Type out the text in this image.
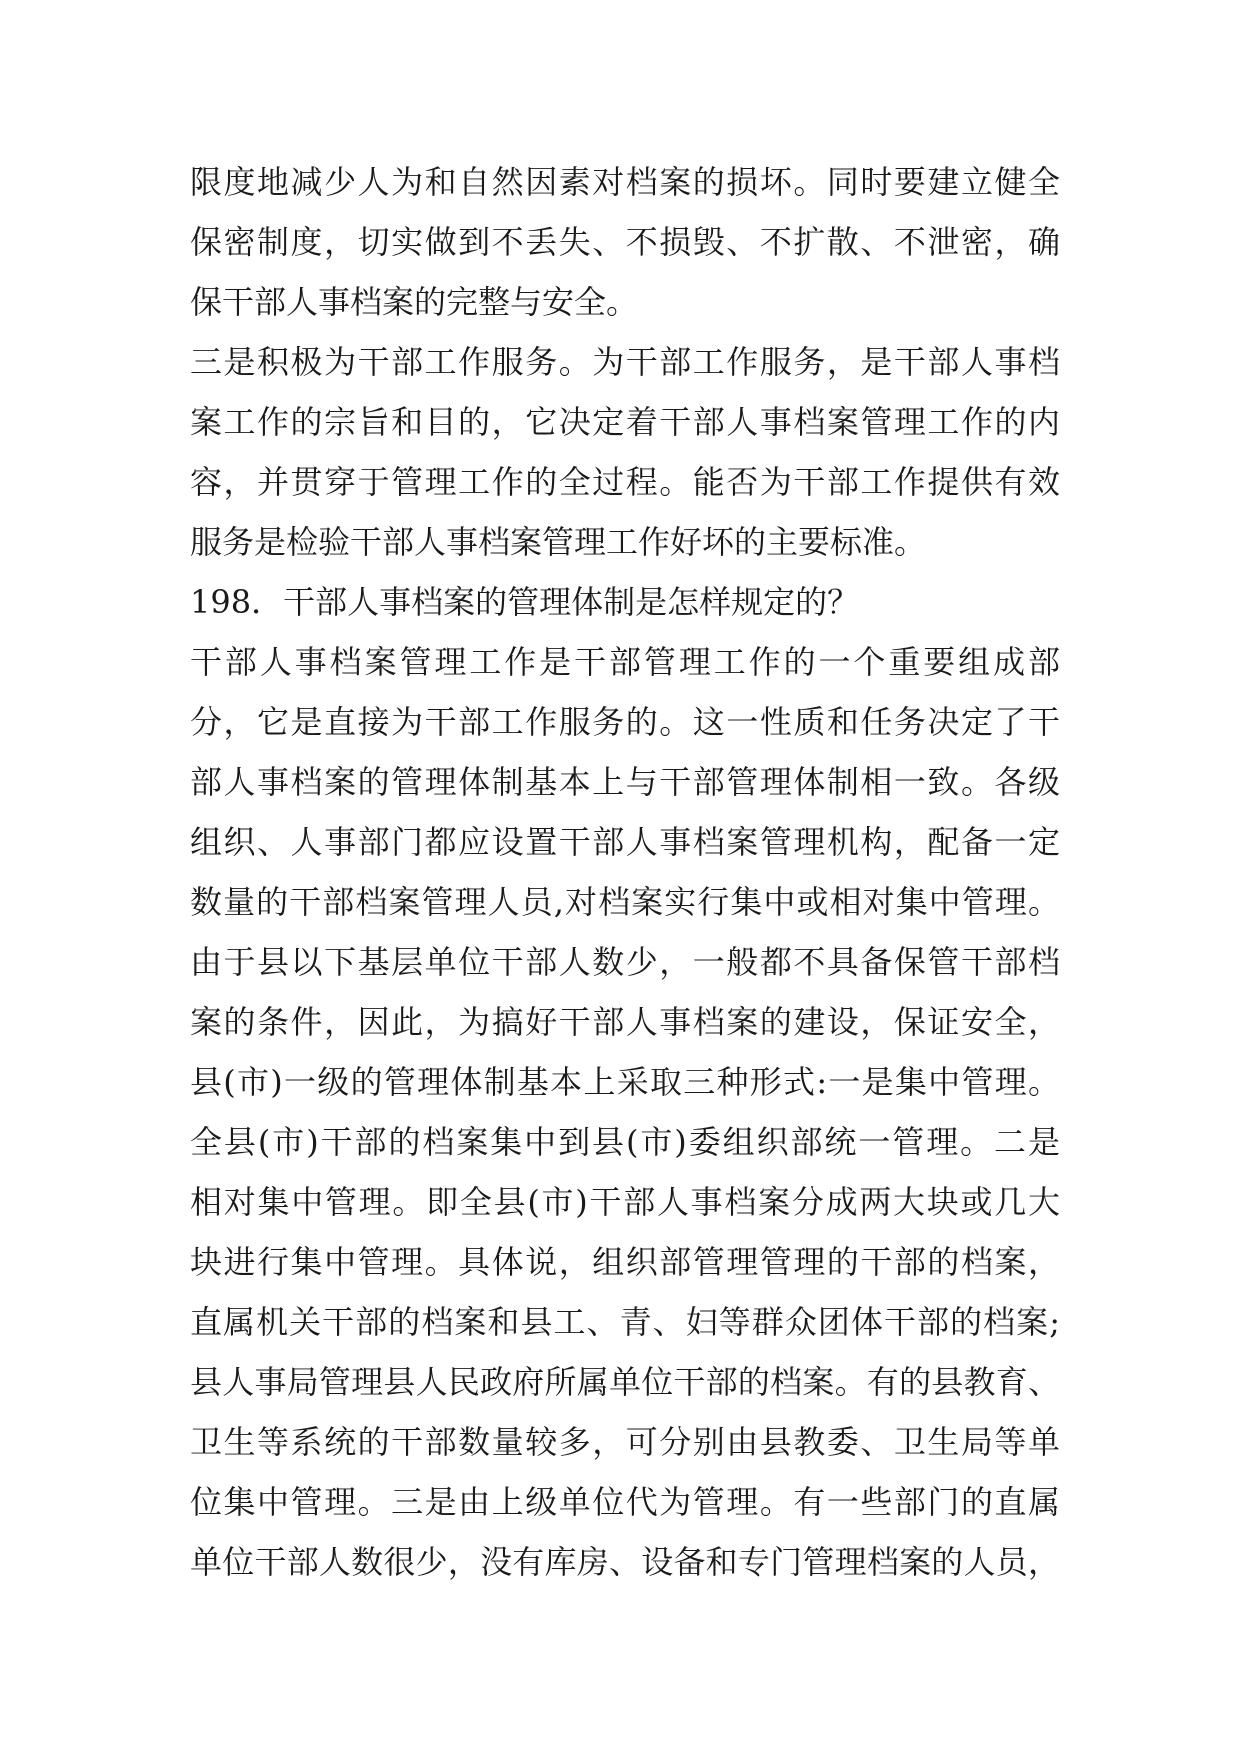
限度地减少人为和自然因素对档案的损坏。同时要建立健全
保密制度，切实做到不丢失、不损毁、不扩散、不泄密，确
保干部人事档案的完整与安全。
三是积极为干部工作服务。为干部工作服务，是干部人事档
案工作的宗旨和目的，它决定着干部人事档案管理工作的内
容，并贯穿于管理工作的全过程。能否为干部工作提供有效
服务是检验干部人事档案管理工作好坏的主要标准。
198．干部人事档案的管理体制是怎样规定的？
干部人事档案管理工作是干部管理工作的一个重要组成部
分，它是直接为干部工作服务的。这一性质和任务决定了干
部人事档案的管理体制基本上与干部管理体制相一致。各级
组织、人事部门都应设置干部人事档案管理机构，配备一定
数量的干部档案管理人员,对档案实行集中或相对集中管理。
由于县以下基层单位干部人数少，一般都不具备保管干部档
案的条件，因此，为搞好干部人事档案的建设，保证安全，
县(市)一级的管理体制基本上采取三种形式:一是集中管理。
全县(市)干部的档案集中到县(市)委组织部统一管理。二是
相对集中管理。即全县(市)干部人事档案分成两大块或几大
块进行集中管理。具体说，组织部管理管理的干部的档案，
直属机关干部的档案和县工、青、妇等群众团体干部的档案;
县人事局管理县人民政府所属单位干部的档案。有的县教育、
卫生等系统的干部数量较多，可分别由县教委、卫生局等单
位集中管理。三是由上级单位代为管理。有一些部门的直属
单位干部人数很少，没有库房、设备和专门管理档案的人员，
